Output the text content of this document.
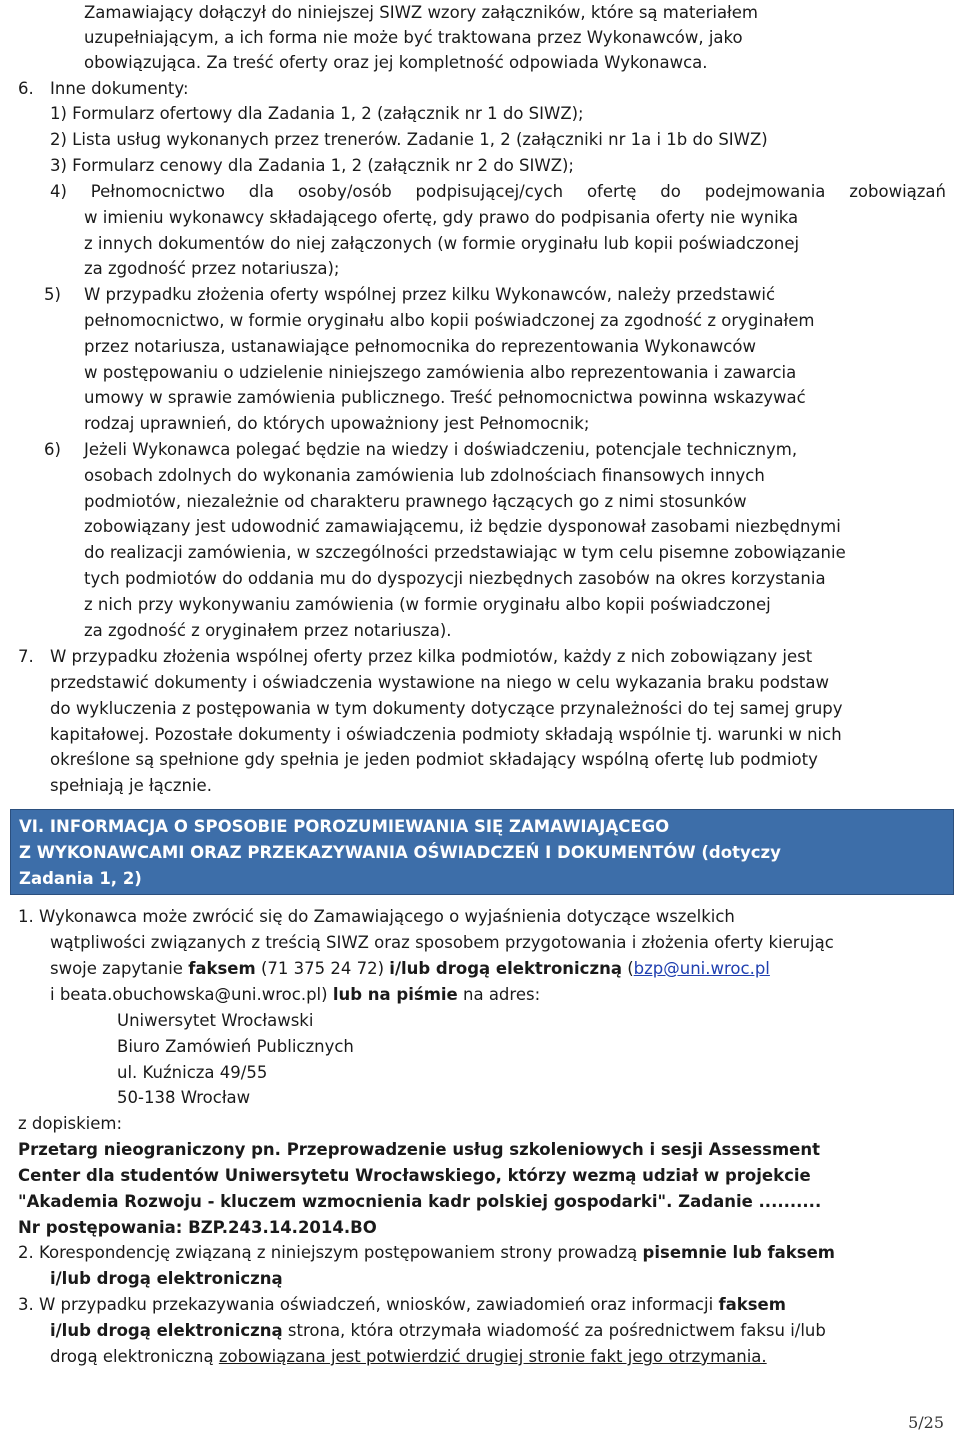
Zamawiający dołączył do niniejszej SIWZ wzory załączników, które są materiałem
uzupełniającym, a ich forma nie może być traktowana przez Wykonawców, jako
obowiązująca. Za treść oferty oraz jej kompletność odpowiada Wykonawca.
6. Inne dokumenty:
1) Formularz ofertowy dla Zadania 1, 2 (załącznik nr 1 do SIWZ);
2) Lista usług wykonanych przez trenerów. Zadanie 1, 2 (załączniki nr 1a i 1b do SIWZ)
3) Formularz cenowy dla Zadania 1, 2 (załącznik nr 2 do SIWZ);
4) Pełnomocnictwo dla osoby/osób podpisującej/cych ofertę do podejmowania zobowiązań
w imieniu wykonawcy składającego ofertę, gdy prawo do podpisania oferty nie wynika
z innych dokumentów do niej załączonych (w formie oryginału lub kopii poświadczonej
za zgodność przez notariusza);
5) W przypadku złożenia oferty wspólnej przez kilku Wykonawców, należy przedstawić
pełnomocnictwo, w formie oryginału albo kopii poświadczonej za zgodność z oryginałem
przez notariusza, ustanawiające pełnomocnika do reprezentowania Wykonawców
w postępowaniu o udzielenie niniejszego zamówienia albo reprezentowania i zawarcia
umowy w sprawie zamówienia publicznego. Treść pełnomocnictwa powinna wskazywać
rodzaj uprawnień, do których upoważniony jest Pełnomocnik;
6) Jeżeli Wykonawca polegać będzie na wiedzy i doświadczeniu, potencjale technicznym,
osobach zdolnych do wykonania zamówienia lub zdolnościach finansowych innych
podmiotów, niezależnie od charakteru prawnego łączących go z nimi stosunków
zobowiązany jest udowodnić zamawiającemu, iż będzie dysponował zasobami niezbędnymi
do realizacji zamówienia, w szczególności przedstawiając w tym celu pisemne zobowiązanie
tych podmiotów do oddania mu do dyspozycji niezbędnych zasobów na okres korzystania
z nich przy wykonywaniu zamówienia (w formie oryginału albo kopii poświadczonej
za zgodność z oryginałem przez notariusza).
7. W przypadku złożenia wspólnej oferty przez kilka podmiotów, każdy z nich zobowiązany jest
przedstawić dokumenty i oświadczenia wystawione na niego w celu wykazania braku podstaw
do wykluczenia z postępowania w tym dokumenty dotyczące przynależności do tej samej grupy
kapitałowej. Pozostałe dokumenty i oświadczenia podmioty składają wspólnie tj. warunki w nich
określone są spełnione gdy spełnia je jeden podmiot składający wspólną ofertę lub podmioty
spełniają je łącznie.
VI. INFORMACJA O SPOSOBIE POROZUMIEWANIA SIĘ ZAMAWIAJĄCEGO
Z WYKONAWCAMI ORAZ PRZEKAZYWANIA OŚWIADCZEŃ I DOKUMENTÓW (dotyczy
Zadania 1, 2)
1. Wykonawca może zwrócić się do Zamawiającego o wyjaśnienia dotyczące wszelkich
wątpliwości związanych z treścią SIWZ oraz sposobem przygotowania i złożenia oferty kierując
swoje zapytanie faksem (71 375 24 72) i/lub drogą elektroniczną (bzp@uni.wroc.pl
i beata.obuchowska@uni.wroc.pl) lub na piśmie na adres:
Uniwersytet Wrocławski
Biuro Zamówień Publicznych
ul. Kuźnicza 49/55
50-138 Wrocław
z dopiskiem:
Przetarg nieograniczony pn. Przeprowadzenie usług szkoleniowych i sesji Assessment
Center dla studentów Uniwersytetu Wrocławskiego, którzy wezmą udział w projekcie
"Akademia Rozwoju - kluczem wzmocnienia kadr polskiej gospodarki". Zadanie ..........
Nr postępowania: BZP.243.14.2014.BO
2. Korespondencję związaną z niniejszym postępowaniem strony prowadzą pisemnie lub faksem
i/lub drogą elektroniczną
3. W przypadku przekazywania oświadczeń, wniosków, zawiadomień oraz informacji faksem
i/lub drogą elektroniczną strona, która otrzymała wiadomość za pośrednictwem faksu i/lub
drogą elektroniczną zobowiązana jest potwierdzić drugiej stronie fakt jego otrzymania.
5/25
